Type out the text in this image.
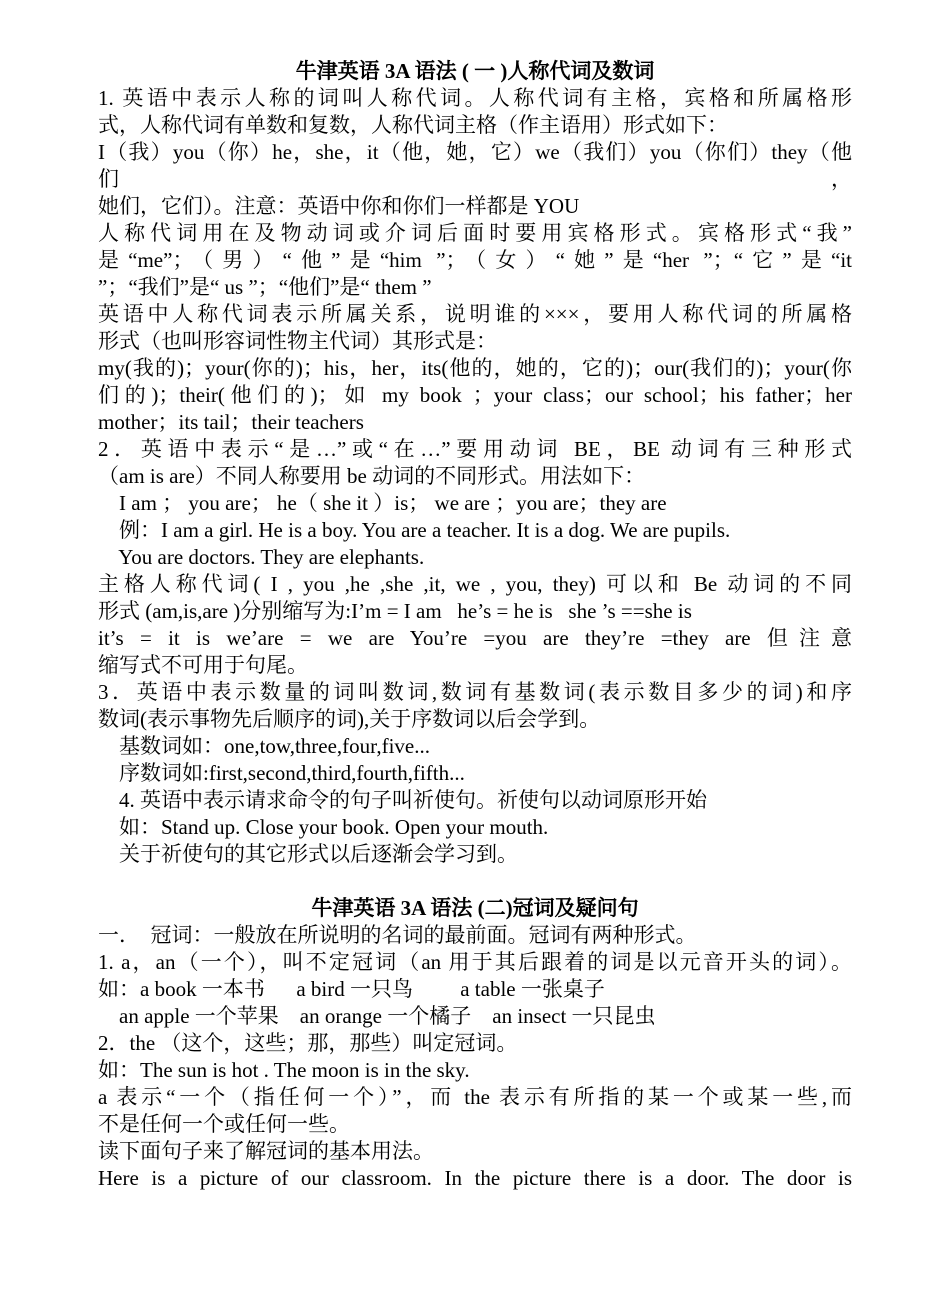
牛津英语 3A 语法 ( 一 )人称代词及数词
1. 英语中表示人称的词叫人称代词。人称代词有主格，宾格和所属格形
式，人称代词有单数和复数，人称代词主格（作主语用）形式如下：
I（我）you（你）he，she，it（他，她，它）we（我们）you（你们）they（他们，
她们，它们）。注意：英语中你和你们一样都是 YOU
人称代词用在及物动词或介词后面时要用宾格形式。宾格形式“我”
是“me”；（男）“他”是“him ”；（女）“她”是“her ”；“它”是“it
”；“我们”是“ us ”；“他们”是“ them ”
英语中人称代词表示所属关系，说明谁的×××，要用人称代词的所属格
形式（也叫形容词性物主代词）其形式是：
my(我的)；your(你的)；his，her，its(他的，她的，它的)；our(我们的)；your(你
们的)；their(他们的)；如 my book ；your class；our school；his father；her
mother；its tail；their teachers
2．英语中表示“是…”或“在…”要用动词 BE，BE 动词有三种形式
（am is are）不同人称要用 be 动词的不同形式。用法如下：
I am ； you are； he（ she it ）is； we are ；you are；they are
例：I am a girl. He is a boy. You are a teacher. It is a dog. We are pupils.
You are doctors. They are elephants.
主格人称代词( I , you ,he ,she ,it, we , you, they) 可以和 Be 动词的不同
形式 (am,is,are )分别缩写为:I’m = I am   he’s = he is   she ’s ==she is
it’s = it is we’are = we are You’re =you are they’re =they are 但注意
缩写式不可用于句尾。
3．英语中表示数量的词叫数词,数词有基数词(表示数目多少的词)和序
数词(表示事物先后顺序的词),关于序数词以后会学到。
基数词如：one,tow,three,four,five...
序数词如:first,second,third,fourth,fifth...
4. 英语中表示请求命令的句子叫祈使句。祈使句以动词原形开始
如：Stand up. Close your book. Open your mouth.
关于祈使句的其它形式以后逐渐会学习到。
牛津英语 3A 语法 (二)冠词及疑问句
一．  冠词：一般放在所说明的名词的最前面。冠词有两种形式。
1. a，an（一个），叫不定冠词（an 用于其后跟着的词是以元音开头的词）。
如：a book 一本书      a bird 一只鸟         a table 一张桌子
an apple 一个苹果    an orange 一个橘子    an insect 一只昆虫
2．the （这个，这些；那，那些）叫定冠词。
如：The sun is hot . The moon is in the sky.
a 表示“一个（指任何一个）”，而 the 表示有所指的某一个或某一些,而
不是任何一个或任何一些。
读下面句子来了解冠词的基本用法。
Here is a picture of our classroom. In the picture there is a door. The door is
